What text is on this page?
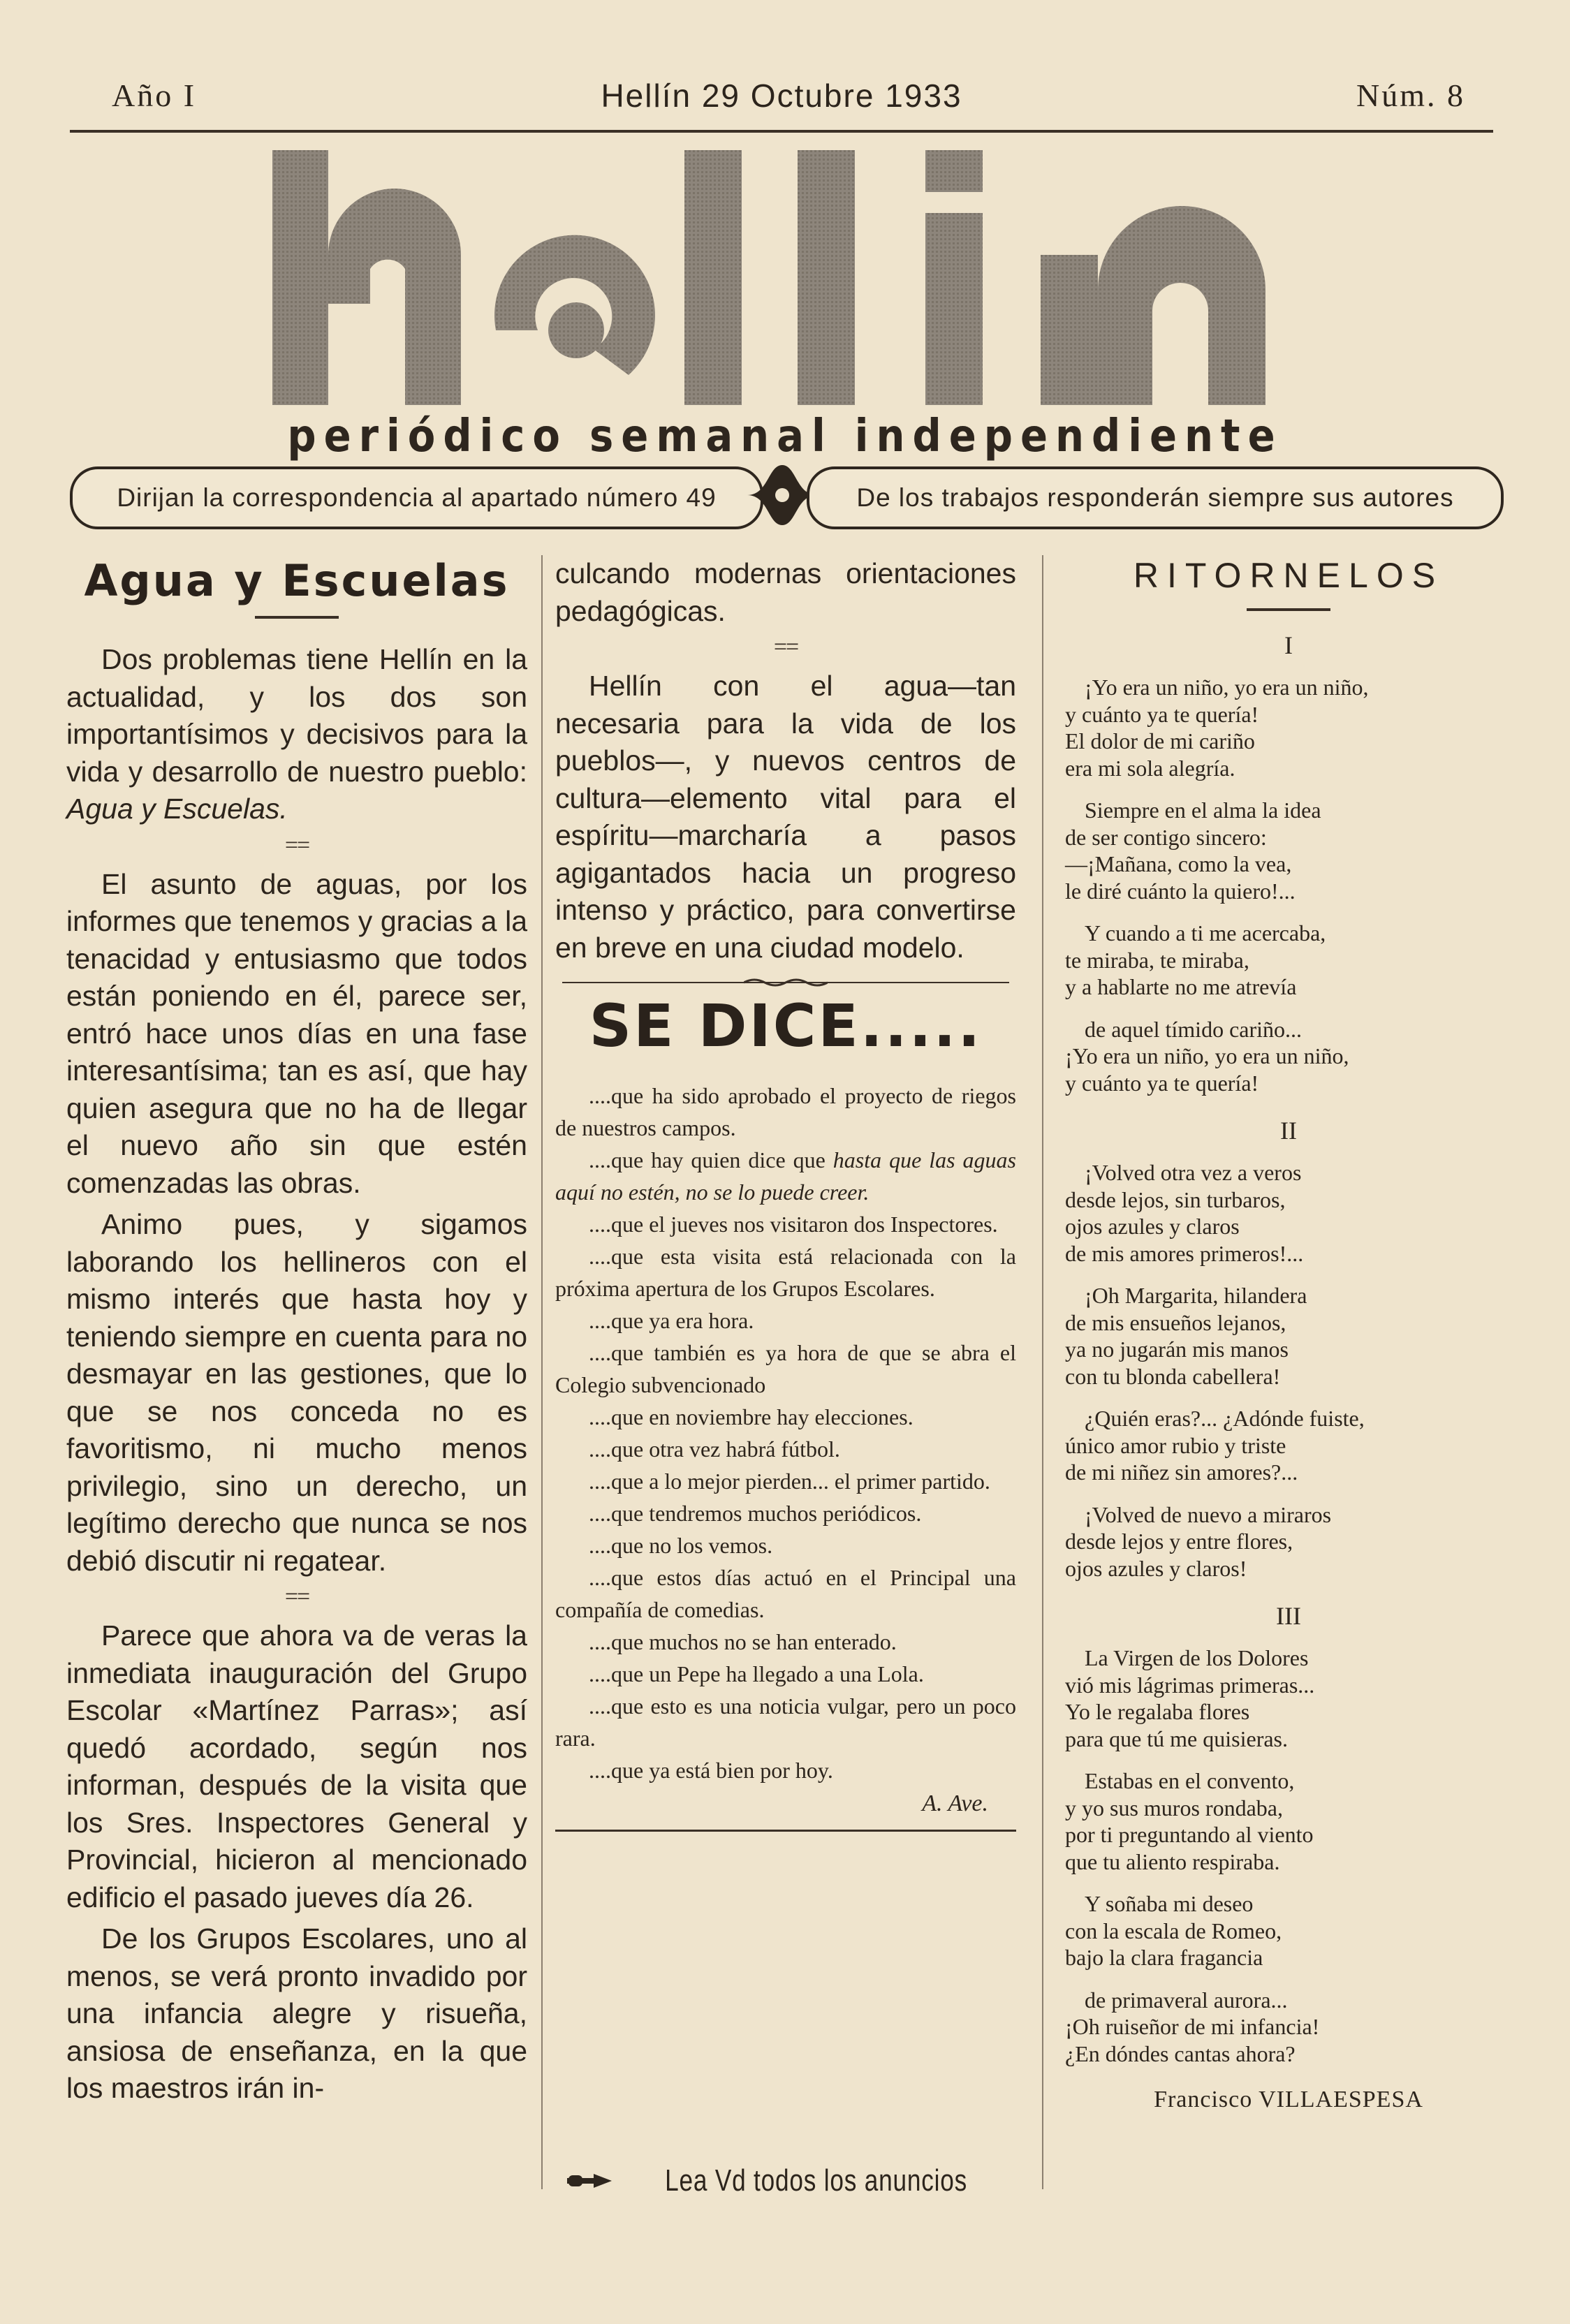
Año I	Hellín 29 Octubre 1933	Núm. 8
periódico semanal independiente
Dirijan la correspondencia al apartado número 49	De los trabajos responderán siempre sus autores
Agua y Escuelas

Dos problemas tiene Hellín en la actualidad, y los dos son importantísimos y decisivos para la vida y desarrollo de nuestro pueblo: Agua y Escuelas.

==

El asunto de aguas, por los informes que tenemos y gracias a la tenacidad y entusiasmo que todos están poniendo en él, parece ser, entró hace unos días en una fase interesantísima; tan es así, que hay quien asegura que no ha de llegar el nuevo año sin que estén comenzadas las obras.

Animo pues, y sigamos laborando los hellineros con el mismo interés que hasta hoy y teniendo siempre en cuenta para no desmayar en las gestiones, que lo que se nos conceda no es favoritismo, ni mucho menos privilegio, sino un derecho, un legítimo derecho que nunca se nos debió discutir ni regatear.

==

Parece que ahora va de veras la inmediata inauguración del Grupo Escolar «Martínez Parras»; así quedó acordado, según nos informan, después de la visita que los Sres. Inspectores General y Provincial, hicieron al mencionado edificio el pasado jueves día 26.

De los Grupos Escolares, uno al menos, se verá pronto invadido por una infancia alegre y risueña, ansiosa de enseñanza, en la que los maestros irán in-

culcando modernas orientaciones pedagógicas.

==

Hellín con el agua—tan necesaria para la vida de los pueblos—, y nuevos centros de cultura—elemento vital para el espíritu—marcharía a pasos agigantados hacia un progreso intenso y práctico, para convertirse en breve en una ciudad modelo.

SE DICE.....

....que ha sido aprobado el proyecto de riegos de nuestros campos.

....que hay quien dice que hasta que las aguas aquí no estén, no se lo puede creer.

....que el jueves nos visitaron dos Inspectores.

....que esta visita está relacionada con la próxima apertura de los Grupos Escolares.

....que ya era hora.

....que también es ya hora de que se abra el Colegio subvencionado

....que en noviembre hay elecciones.

....que otra vez habrá fútbol.

....que a lo mejor pierden... el primer partido.

....que tendremos muchos periódicos.

....que no los vemos.

....que estos días actuó en el Principal una compañía de comedias.

....que muchos no se han enterado.

....que un Pepe ha llegado a una Lola.

....que esto es una noticia vulgar, pero un poco rara.

....que ya está bien por hoy.

A. Ave.
Lea Vd todos los anuncios
RITORNELOS
I
¡Yo era un niño, yo era un niño,
y cuánto ya te quería!
El dolor de mi cariño
era mi sola alegría.
Siempre en el alma la idea
de ser contigo sincero:
—¡Mañana, como la vea,
le diré cuánto la quiero!...
Y cuando a ti me acercaba,
te miraba, te miraba,
y a hablarte no me atrevía
de aquel tímido cariño...
¡Yo era un niño, yo era un niño,
y cuánto ya te quería!
II
¡Volved otra vez a veros
desde lejos, sin turbaros,
ojos azules y claros
de mis amores primeros!...
¡Oh Margarita, hilandera
de mis ensueños lejanos,
ya no jugarán mis manos
con tu blonda cabellera!
¿Quién eras?... ¿Adónde fuiste,
único amor rubio y triste
de mi niñez sin amores?...
¡Volved de nuevo a miraros
desde lejos y entre flores,
ojos azules y claros!
III
La Virgen de los Dolores
vió mis lágrimas primeras...
Yo le regalaba flores
para que tú me quisieras.
Estabas en el convento,
y yo sus muros rondaba,
por ti preguntando al viento
que tu aliento respiraba.
Y soñaba mi deseo
con la escala de Romeo,
bajo la clara fragancia
de primaveral aurora...
¡Oh ruiseñor de mi infancia!
¿En dóndes cantas ahora?
Francisco VILLAESPESA
